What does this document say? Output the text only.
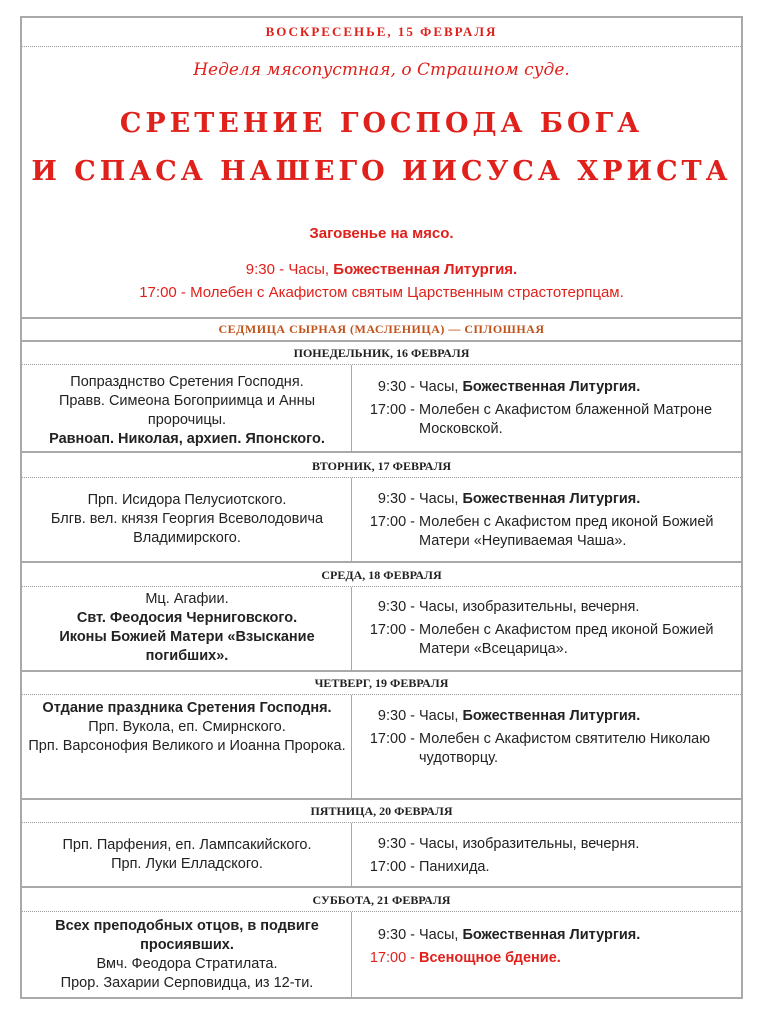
ВОСКРЕСЕНЬЕ, 15 ФЕВРАЛЯ
Неделя мясопустная, о Страшном суде.
СРЕТЕНИЕ ГОСПОДА БОГА
И СПАСА НАШЕГО ИИСУСА ХРИСТА
Заговенье на мясо.
9:30 - Часы, Божественная Литургия.
17:00 - Молебен с Акафистом святым Царственным страстотерпцам.
СЕДМИЦА СЫРНАЯ (МАСЛЕНИЦА) — СПЛОШНАЯ
ПОНЕДЕЛЬНИК, 16 ФЕВРАЛЯ
Попразднство Сретения Господня.
Правв. Симеона Богоприимца и Анны пророчицы.
Равноап. Николая, архиеп. Японского.
9:30 - Часы, Божественная Литургия.
17:00 - Молебен с Акафистом блаженной Матроне Московской.
ВТОРНИК, 17 ФЕВРАЛЯ
Прп. Исидора Пелусиотского.
Блгв. вел. князя Георгия Всеволодовича Владимирского.
9:30 - Часы, Божественная Литургия.
17:00 - Молебен с Акафистом пред иконой Божией Матери «Неупиваемая Чаша».
СРЕДА, 18 ФЕВРАЛЯ
Мц. Агафии.
Свт. Феодосия Черниговского.
Иконы Божией Матери «Взыскание погибших».
9:30 - Часы, изобразительны, вечерня.
17:00 - Молебен с Акафистом пред иконой Божией Матери «Всецарица».
ЧЕТВЕРГ, 19 ФЕВРАЛЯ
Отдание праздника Сретения Господня.
Прп. Вукола, еп. Смирнского.
Прп. Варсонофия Великого и Иоанна Пророка.
9:30 - Часы, Божественная Литургия.
17:00 - Молебен с Акафистом святителю Николаю чудотворцу.
ПЯТНИЦА, 20 ФЕВРАЛЯ
Прп. Парфения, еп. Лампсакийского.
Прп. Луки Елладского.
9:30 - Часы, изобразительны, вечерня.
17:00 - Панихида.
СУББОТА, 21 ФЕВРАЛЯ
Всех преподобных отцов, в подвиге просиявших.
Вмч. Феодора Стратилата.
Прор. Захарии Серповидца, из 12-ти.
9:30 - Часы, Божественная Литургия.
17:00 - Всенощное бдение.
